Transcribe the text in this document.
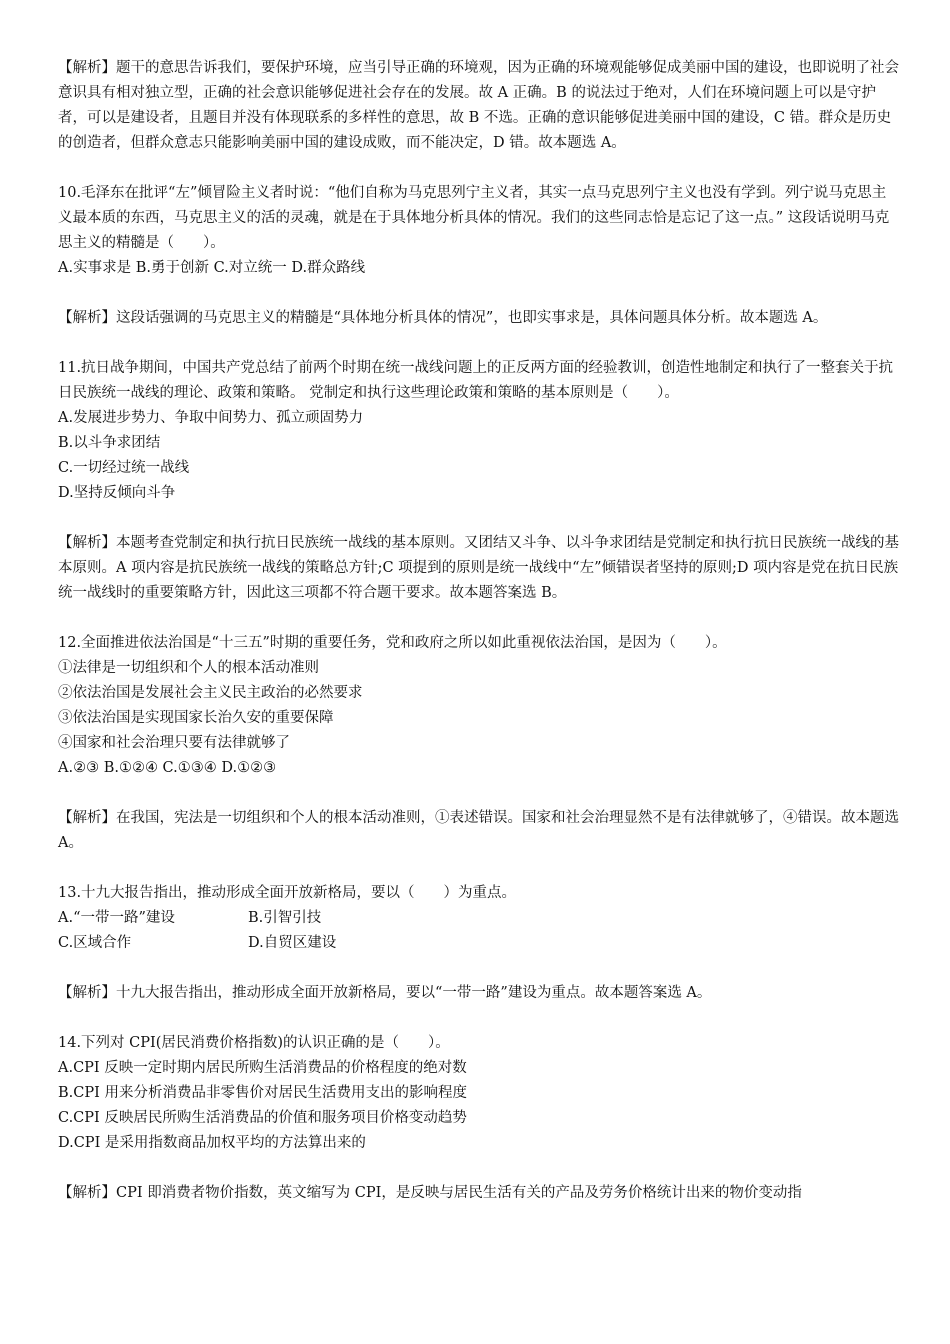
【解析】题干的意思告诉我们，要保护环境，应当引导正确的环境观，因为正确的环境观能够促成美丽中国的建设，也即说明了社会意识具有相对独立型，正确的社会意识能够促进社会存在的发展。故 A 正确。B 的说法过于绝对，人们在环境问题上可以是守护者，可以是建设者，且题目并没有体现联系的多样性的意思，故 B 不选。正确的意识能够促进美丽中国的建设，C 错。群众是历史的创造者，但群众意志只能影响美丽中国的建设成败，而不能决定，D 错。故本题选 A。

10.毛泽东在批评“左”倾冒险主义者时说：“他们自称为马克思列宁主义者，其实一点马克思列宁主义也没有学到。列宁说马克思主义最本质的东西，马克思主义的活的灵魂，就是在于具体地分析具体的情况。我们的这些同志恰是忘记了这一点。” 这段话说明马克思主义的精髓是（　　）。

A.实事求是 B.勇于创新 C.对立统一 D.群众路线

【解析】这段话强调的马克思主义的精髓是“具体地分析具体的情况”，也即实事求是，具体问题具体分析。故本题选 A。

11.抗日战争期间，中国共产党总结了前两个时期在统一战线问题上的正反两方面的经验教训，创造性地制定和执行了一整套关于抗日民族统一战线的理论、政策和策略。 党制定和执行这些理论政策和策略的基本原则是（　　）。

A.发展进步势力、争取中间势力、孤立顽固势力
B.以斗争求团结
C.一切经过统一战线
D.坚持反倾向斗争

【解析】本题考查党制定和执行抗日民族统一战线的基本原则。又团结又斗争、以斗争求团结是党制定和执行抗日民族统一战线的基本原则。A 项内容是抗民族统一战线的策略总方针;C 项提到的原则是统一战线中“左”倾错误者坚持的原则;D 项内容是党在抗日民族统一战线时的重要策略方针，因此这三项都不符合题干要求。故本题答案选 B。

12.全面推进依法治国是“十三五”时期的重要任务，党和政府之所以如此重视依法治国，是因为（　　）。

①法律是一切组织和个人的根本活动准则
②依法治国是发展社会主义民主政治的必然要求
③依法治国是实现国家长治久安的重要保障
④国家和社会治理只要有法律就够了
A.②③ B.①②④ C.①③④ D.①②③

【解析】在我国，宪法是一切组织和个人的根本活动准则，①表述错误。国家和社会治理显然不是有法律就够了，④错误。故本题选 A。

13.十九大报告指出，推动形成全面开放新格局，要以（　　）为重点。

A.“一带一路”建设	B.引智引技
C.区域合作	D.自贸区建设

【解析】十九大报告指出，推动形成全面开放新格局，要以“一带一路”建设为重点。故本题答案选 A。

14.下列对 CPI(居民消费价格指数)的认识正确的是（　　）。

A.CPI 反映一定时期内居民所购生活消费品的价格程度的绝对数
B.CPI 用来分析消费品非零售价对居民生活费用支出的影响程度
C.CPI 反映居民所购生活消费品的价值和服务项目价格变动趋势
D.CPI 是采用指数商品加权平均的方法算出来的

【解析】CPI 即消费者物价指数，英文缩写为 CPI，是反映与居民生活有关的产品及劳务价格统计出来的物价变动指
